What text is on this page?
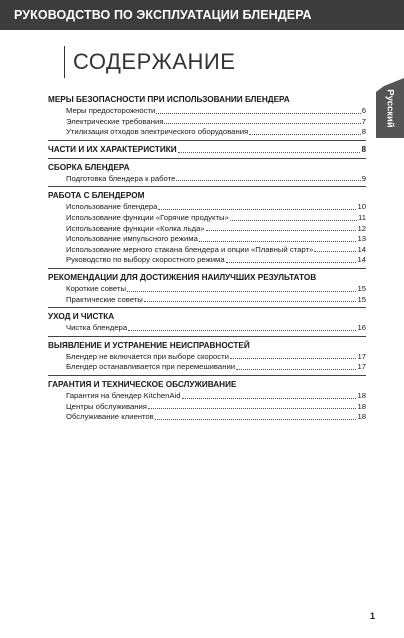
РУКОВОДСТВО ПО ЭКСПЛУАТАЦИИ БЛЕНДЕРА
СОДЕРЖАНИЕ
Русский
МЕРЫ БЕЗОПАСНОСТИ ПРИ ИСПОЛЬЗОВАНИИ БЛЕНДЕРА
Меры предосторожности	6
Электрические требования	7
Утилизация отходов электрического оборудования	8
ЧАСТИ И ИХ ХАРАКТЕРИСТИКИ	8
СБОРКА БЛЕНДЕРА
Подготовка блендера к работе	9
РАБОТА С БЛЕНДЕРОМ
Использование блендера	10
Использование функции «Горячие продукты»	11
Использование функции «Колка льда»	12
Использование импульсного режима	13
Использование мерного стакана блендера и опции «Плавный старт»	14
Руководство по выбору скоростного режима	14
РЕКОМЕНДАЦИИ ДЛЯ ДОСТИЖЕНИЯ НАИЛУЧШИХ РЕЗУЛЬТАТОВ
Короткие советы	15
Практические советы	15
УХОД И ЧИСТКА
Чистка блендера	16
ВЫЯВЛЕНИЕ И УСТРАНЕНИЕ НЕИСПРАВНОСТЕЙ
Блендер не включается при выборе скорости	17
Блендер останавливается при перемешивании	17
ГАРАНТИЯ И ТЕХНИЧЕСКОЕ ОБСЛУЖИВАНИЕ
Гарантия на блендер KitchenAid	18
Центры обслуживания	18
Обслуживание клиентов	18
1
